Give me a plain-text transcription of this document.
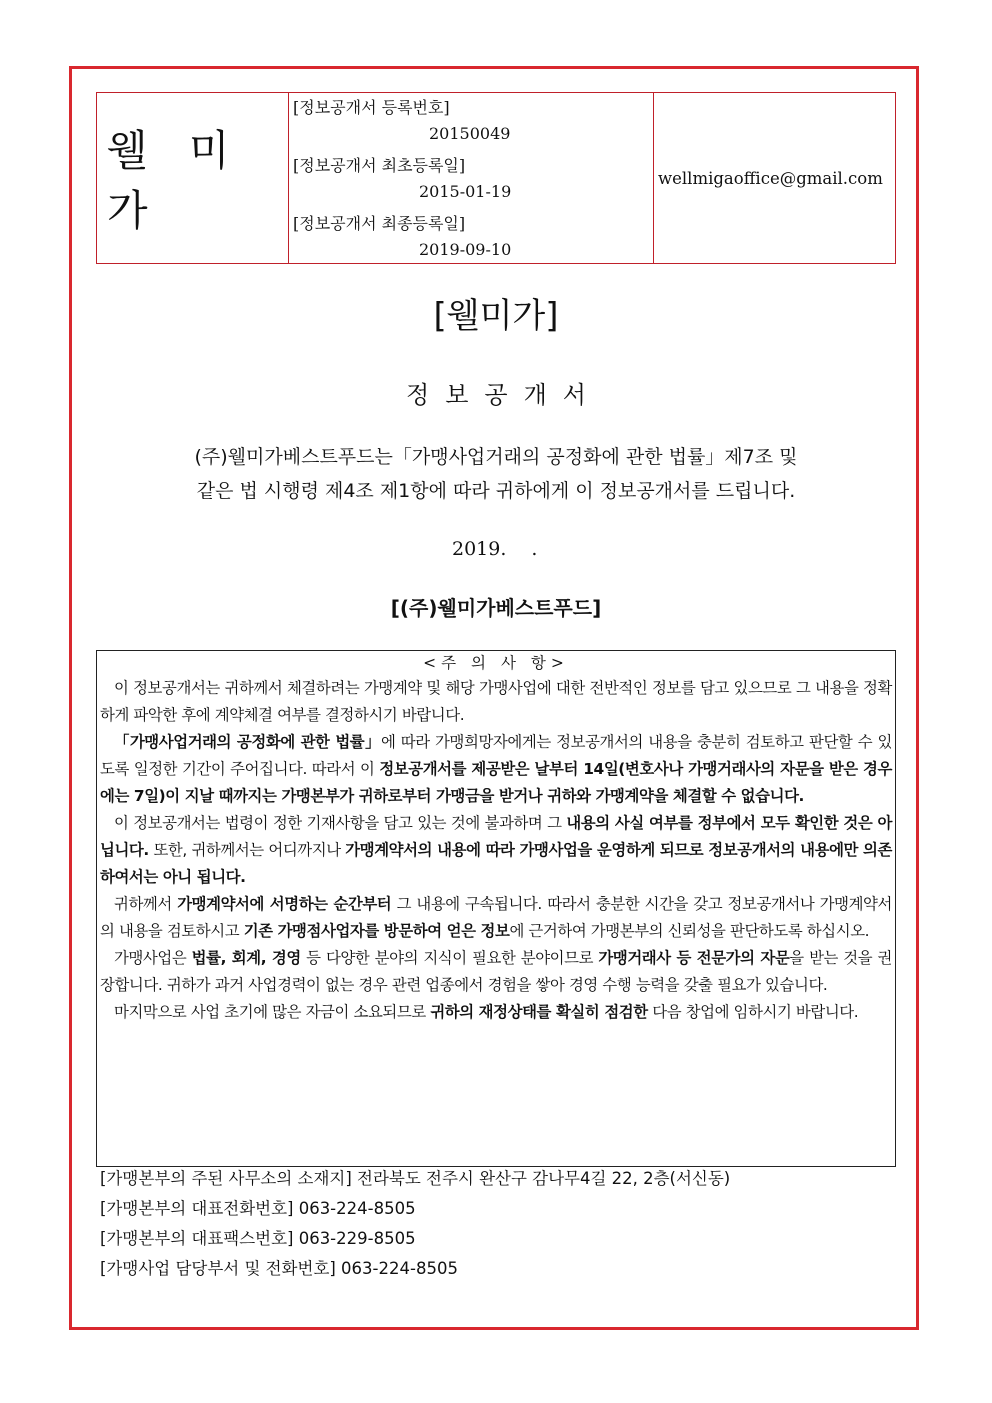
웰 미 가
[정보공개서 등록번호]
20150049
[정보공개서 최초등록일]
2015-01-19
[정보공개서 최종등록일]
2019-09-10
wellmigaoffice@gmail.com
[웰미가]
정보공개서
(주)웰미가베스트푸드는「가맹사업거래의 공정화에 관한 법률」제7조 및
같은 법 시행령 제4조 제1항에 따라 귀하에게 이 정보공개서를 드립니다.
2019.　 .
[(주)웰미가베스트푸드]
<주 의 사 항>

이 정보공개서는 귀하께서 체결하려는 가맹계약 및 해당 가맹사업에 대한 전반적인 정보를 담고 있으므로 그 내용을 정확하게 파악한 후에 계약체결 여부를 결정하시기 바랍니다.

「가맹사업거래의 공정화에 관한 법률」에 따라 가맹희망자에게는 정보공개서의 내용을 충분히 검토하고 판단할 수 있도록 일정한 기간이 주어집니다. 따라서 이 정보공개서를 제공받은 날부터 14일(변호사나 가맹거래사의 자문을 받은 경우에는 7일)이 지날 때까지는 가맹본부가 귀하로부터 가맹금을 받거나 귀하와 가맹계약을 체결할 수 없습니다.

이 정보공개서는 법령이 정한 기재사항을 담고 있는 것에 불과하며 그 내용의 사실 여부를 정부에서 모두 확인한 것은 아닙니다. 또한, 귀하께서는 어디까지나 가맹계약서의 내용에 따라 가맹사업을 운영하게 되므로 정보공개서의 내용에만 의존하여서는 아니 됩니다.

귀하께서 가맹계약서에 서명하는 순간부터 그 내용에 구속됩니다. 따라서 충분한 시간을 갖고 정보공개서나 가맹계약서의 내용을 검토하시고 기존 가맹점사업자를 방문하여 얻은 정보에 근거하여 가맹본부의 신뢰성을 판단하도록 하십시오.

가맹사업은 법률, 회계, 경영 등 다양한 분야의 지식이 필요한 분야이므로 가맹거래사 등 전문가의 자문을 받는 것을 권장합니다. 귀하가 과거 사업경력이 없는 경우 관련 업종에서 경험을 쌓아 경영 수행 능력을 갖출 필요가 있습니다.

마지막으로 사업 초기에 많은 자금이 소요되므로 귀하의 재정상태를 확실히 점검한 다음 창업에 임하시기 바랍니다.

[가맹본부의 주된 사무소의 소재지] 전라북도 전주시 완산구 감나무4길 22, 2층(서신동)
[가맹본부의 대표전화번호] 063-224-8505
[가맹본부의 대표팩스번호] 063-229-8505
[가맹사업 담당부서 및 전화번호] 063-224-8505
